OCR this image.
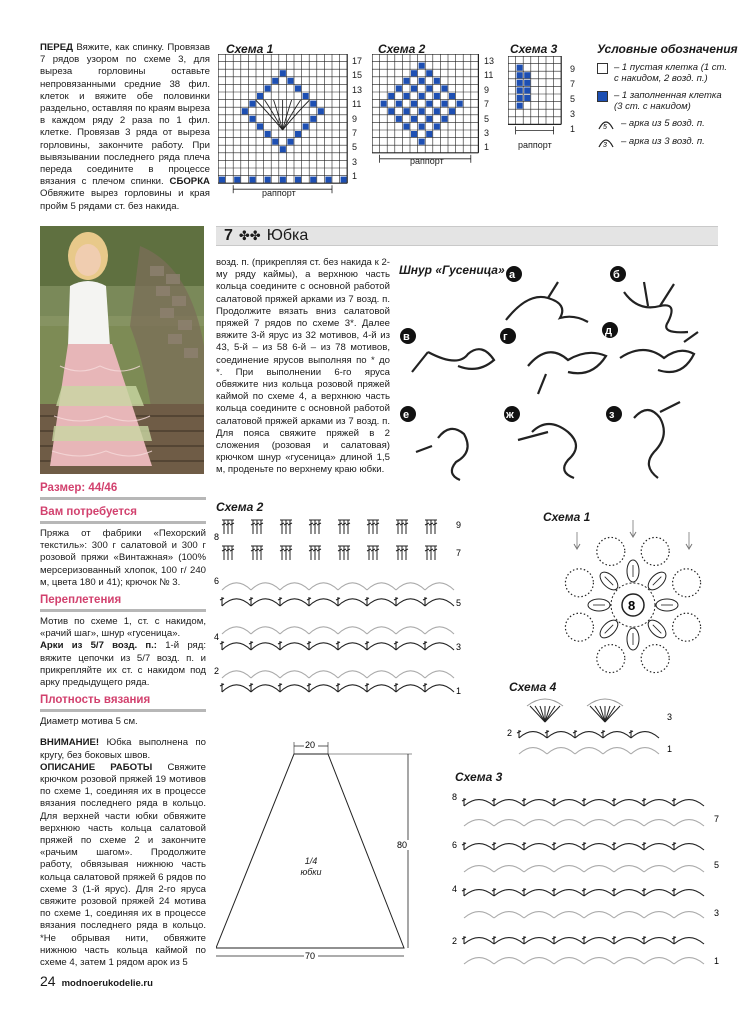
ПЕРЕД Вяжите, как спинку. Провязав 7 рядов узором по схеме 3, для выреза горловины оставьте непровязанными средние 38 фил. клеток и вяжите обе половинки раздельно, оставляя по краям выреза в каждом ряду 2 раза по 1 фил. клетке. Провязав 3 ряда от выреза горловины, закончите работу. При вывязывании последнего ряда плеча переда соедините в процессе вязания с плечом спинки. СБОРКА Обвяжите вырез горловины и края пройм 5 рядами ст. без накида.
Схема 1
17
15
13
11
9
7
5
3
1
раппорт
Схема 2
13
11
9
7
5
3
1
раппорт
Схема 3
9
7
5
3
1
раппорт
Условные обозначения
– 1 пустая клетка (1 ст. с накидом, 2 возд. п.)
– 1 заполненная клетка (3 ст. с накидом)
5 – арка из 5 возд. п.
3 – арка из 3 возд. п.
7 ✤✤ Юбка
возд. п. (прикрепляя ст. без накида к 2-му ряду каймы), а верхнюю часть кольца соедините с основной работой салатовой пряжей арками из 7 возд. п. Продолжите вязать вниз салатовой пряжей 7 рядов по схеме 3*. Далее вяжите 3-й ярус из 32 мотивов, 4-й из 43, 5-й – из 58 6-й – из 78 мотивов, соединение ярусов выполняя по * до *. При выполнении 6-го яруса обвяжите низ кольца розовой пряжей каймой по схеме 4, а верхнюю часть кольца соедините с основной работой салатовой пряжей арками из 7 возд. п. Для пояса свяжите пряжей в 2 сложения (розовая и салатовая) крючком шнур «гусеница» длиной 1,5 м, проденьте по верхнему краю юбки.
Шнур «Гусеница» а	б
в	г	д
е	ж	з
Размер: 44/46
Вам потребуется
Пряжа от фабрики «Пехорский текстиль»: 300 г салатовой и 300 г розовой пряжи «Винтажная» (100% мерсеризованный хлопок, 100 г/ 240 м, цвета 180 и 41); крючок № 3.
Переплетения
Мотив по схеме 1, ст. с накидом, «рачий шаг», шнур «гусеница».
Арки из 5/7 возд. п.: 1-й ряд: вяжите цепочки из 5/7 возд. п. и прикрепляйте их ст. с накидом под арку предыдущего ряда.
Плотность вязания
Диаметр мотива 5 см.
ВНИМАНИЕ! Юбка выполнена по кругу, без боковых швов.
ОПИСАНИЕ РАБОТЫ Свяжите крючком розовой пряжей 19 мотивов по схеме 1, соединяя их в процессе вязания последнего ряда в кольцо. Для верхней части юбки обвяжите верхнюю часть кольца салатовой пряжей по схеме 2 и закончите «рачьим шагом». Продолжите работу, обвязывая нижнюю часть кольца салатовой пряжей 6 рядов по схеме 3 (1-й ярус). Для 2-го яруса свяжите розовой пряжей 24 мотива по схеме 1, соединяя их в процессе вязания последнего ряда в кольцо. *Не обрывая нити, обвяжите нижнюю часть кольца каймой по схеме 4, затем 1 рядом арок из 5
Схема 2
8
6
4
2
9
7
5
3
1
Схема 1
8
Схема 4
2
3
1
20
80
70
1/4 юбки
Схема 3
8
6
4
2
7
5
3
1
24 modnoerukodelie.ru
